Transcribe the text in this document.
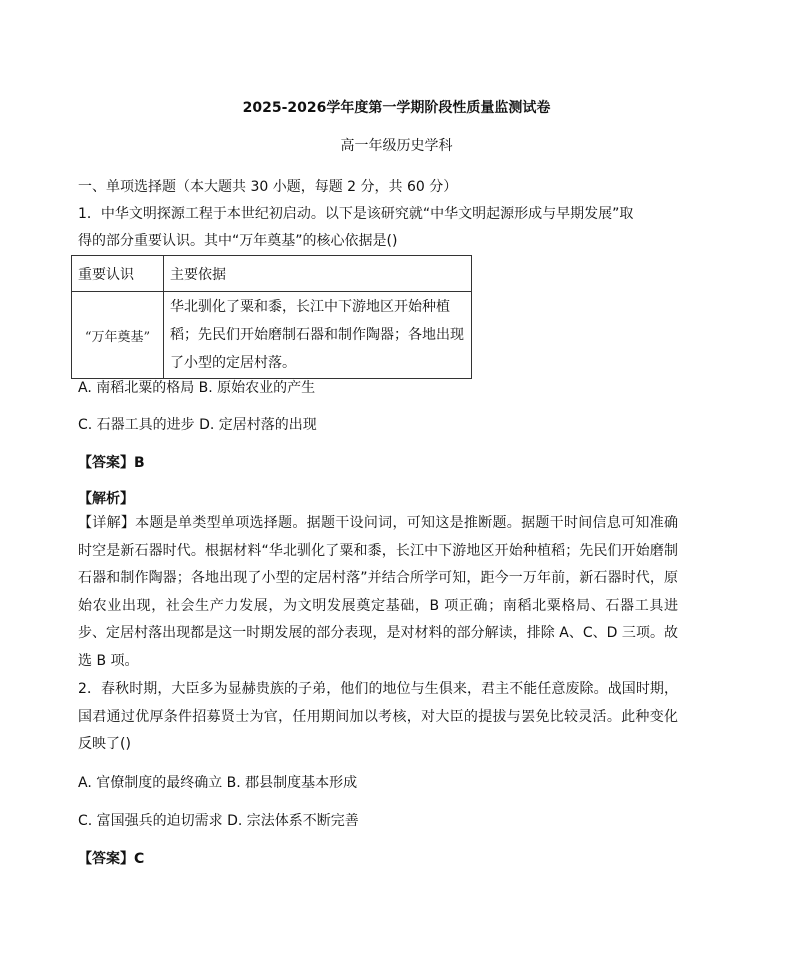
2025-2026学年度第一学期阶段性质量监测试卷
高一年级历史学科
一、单项选择题（本大题共 30 小题，每题 2 分，共 60 分）
1．中华文明探源工程于本世纪初启动。以下是该研究就“中华文明起源形成与早期发展”取
得的部分重要认识。其中“万年奠基”的核心依据是()
重要认识	主要依据
“万年奠基”	华北驯化了粟和黍，长江中下游地区开始种植稻；先民们开始磨制石器和制作陶器；各地出现了小型的定居村落。
A. 南稻北粟的格局 B. 原始农业的产生
C. 石器工具的进步 D. 定居村落的出现
【答案】B
【解析】
【详解】本题是单类型单项选择题。据题干设问词，可知这是推断题。据题干时间信息可知准确时空是新石器时代。根据材料“华北驯化了粟和黍，长江中下游地区开始种植稻；先民们开始磨制石器和制作陶器；各地出现了小型的定居村落”并结合所学可知，距今一万年前，新石器时代，原始农业出现，社会生产力发展，为文明发展奠定基础，B 项正确；南稻北粟格局、石器工具进步、定居村落出现都是这一时期发展的部分表现，是对材料的部分解读，排除 A、C、D 三项。故选 B 项。
2．春秋时期，大臣多为显赫贵族的子弟，他们的地位与生俱来，君主不能任意废除。战国时期，国君通过优厚条件招募贤士为官，任用期间加以考核，对大臣的提拔与罢免比较灵活。此种变化反映了()
A. 官僚制度的最终确立 B. 郡县制度基本形成
C. 富国强兵的迫切需求 D. 宗法体系不断完善
【答案】C
